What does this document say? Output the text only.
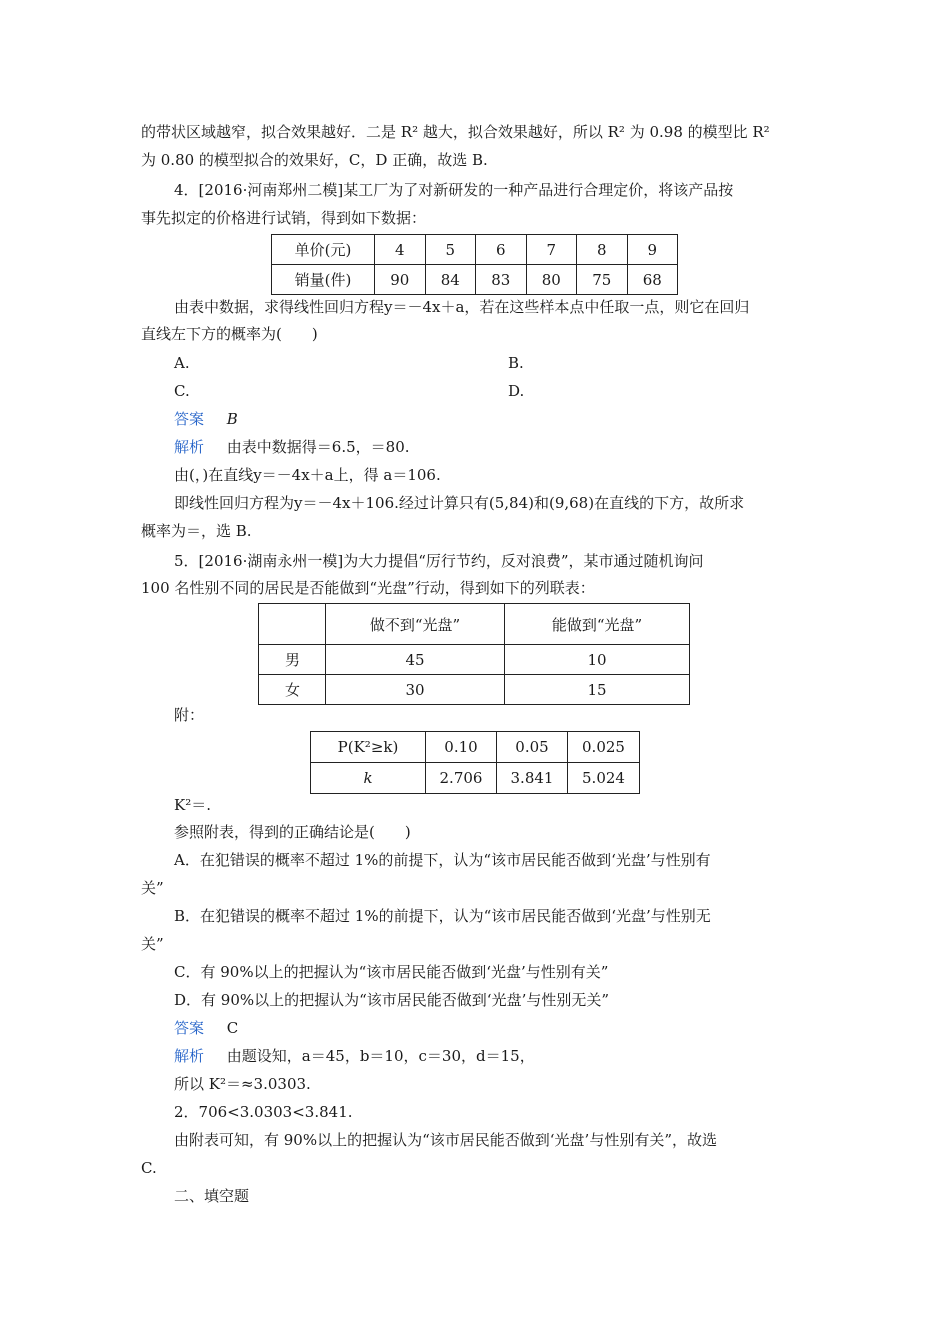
的带状区域越窄，拟合效果越好．二是 R² 越大，拟合效果越好，所以 R² 为 0.98 的模型比 R²
为 0.80 的模型拟合的效果好，C，D 正确，故选 B.
4．[2016·河南郑州二模]某工厂为了对新研发的一种产品进行合理定价，将该产品按
事先拟定的价格进行试销，得到如下数据：
单价(元)	4	5	6	7	8	9
销量(件)	90	84	83	80	75	68
由表中数据，求得线性回归方程y＝－4x＋a，若在这些样本点中任取一点，则它在回归
直线左下方的概率为(　　)
A.	B.
C.	D.
答案 B
解析 由表中数据得＝6.5，＝80.
由(，)在直线y＝－4x＋a上，得 a＝106.
即线性回归方程为y＝－4x＋106.经过计算只有(5,84)和(9,68)在直线的下方，故所求
概率为＝，选 B.
5．[2016·湖南永州一模]为大力提倡“厉行节约，反对浪费”，某市通过随机询问
100 名性别不同的居民是否能做到“光盘”行动，得到如下的列联表：
	做不到“光盘”	能做到“光盘”
男	45	10
女	30	15
附：
P(K²≥k)	0.10	0.05	0.025
k	2.706	3.841	5.024
K²＝.
参照附表，得到的正确结论是(　　)
A．在犯错误的概率不超过 1%的前提下，认为“该市居民能否做到‘光盘’与性别有
关”
B．在犯错误的概率不超过 1%的前提下，认为“该市居民能否做到‘光盘’与性别无
关”
C．有 90%以上的把握认为“该市居民能否做到‘光盘’与性别有关”
D．有 90%以上的把握认为“该市居民能否做到‘光盘’与性别无关”
答案 C
解析 由题设知，a＝45，b＝10，c＝30，d＝15，
所以 K²＝≈3.0303.
2．706<3.0303<3.841.
由附表可知，有 90%以上的把握认为“该市居民能否做到‘光盘’与性别有关”，故选
C.
二、填空题
